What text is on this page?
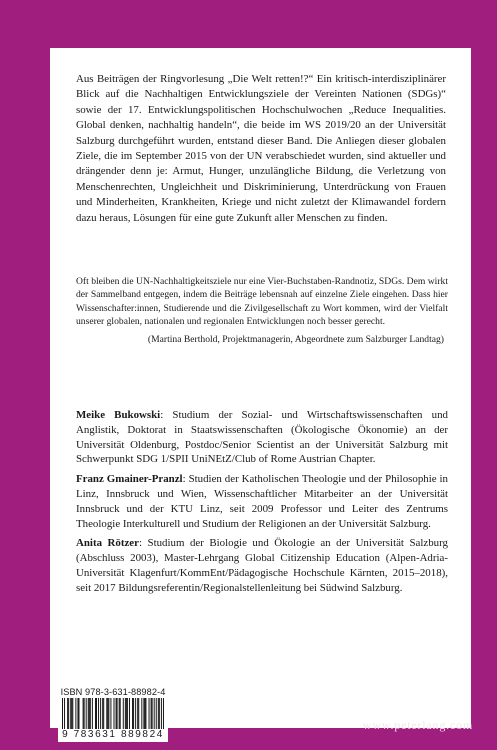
Aus Beiträgen der Ringvorlesung „Die Welt retten!?“ Ein kritisch-interdisziplinärer Blick auf die Nachhaltigen Entwicklungsziele der Vereinten Nationen (SDGs)“ sowie der 17. Entwicklungspolitischen Hochschulwochen „Reduce Inequalities. Global denken, nachhaltig handeln“, die beide im WS 2019/20 an der Universität Salzburg durchgeführt wurden, entstand dieser Band. Die Anliegen dieser globalen Ziele, die im September 2015 von der UN verabschiedet wurden, sind aktueller und drängender denn je: Armut, Hunger, unzulängliche Bildung, die Verletzung von Menschenrechten, Ungleichheit und Diskriminierung, Unterdrückung von Frauen und Minderheiten, Krankheiten, Kriege und nicht zuletzt der Klimawandel fordern dazu heraus, Lösungen für eine gute Zukunft aller Menschen zu finden.
Oft bleiben die UN-Nachhaltigkeitsziele nur eine Vier-Buchstaben-Randnotiz, SDGs. Dem wirkt der Sammelband entgegen, indem die Beiträge lebensnah auf einzelne Ziele eingehen. Dass hier Wissenschafter:innen, Studierende und die Zivilgesellschaft zu Wort kommen, wird der Vielfalt unserer globalen, nationalen und regionalen Entwicklungen noch besser gerecht.
(Martina Berthold, Projektmanagerin, Abgeordnete zum Salzburger Landtag)

Meike Bukowski: Studium der Sozial- und Wirtschaftswissenschaften und Anglistik, Doktorat in Staatswissenschaften (Ökologische Ökonomie) an der Universität Oldenburg, Postdoc/Senior Scientist an der Universität Salzburg mit Schwerpunkt SDG 1/SPII UniNEtZ/Club of Rome Austrian Chapter.

Franz Gmainer-Pranzl: Studien der Katholischen Theologie und der Philosophie in Linz, Innsbruck und Wien, Wissenschaftlicher Mitarbeiter an der Universität Innsbruck und der KTU Linz, seit 2009 Professor und Leiter des Zentrums Theologie Interkulturell und Studium der Religionen an der Universität Salzburg.

Anita Rötzer: Studium der Biologie und Ökologie an der Universität Salzburg (Abschluss 2003), Master-Lehrgang Global Citizenship Education (Alpen-Adria-Universität Klagenfurt/KommEnt/Pädagogische Hochschule Kärnten, 2015–2018), seit 2017 Bildungsreferentin/Regionalstellenleitung bei Südwind Salzburg.

ISBN 978-3-631-88982-4
9 783631 889824
www.peterlang.com
